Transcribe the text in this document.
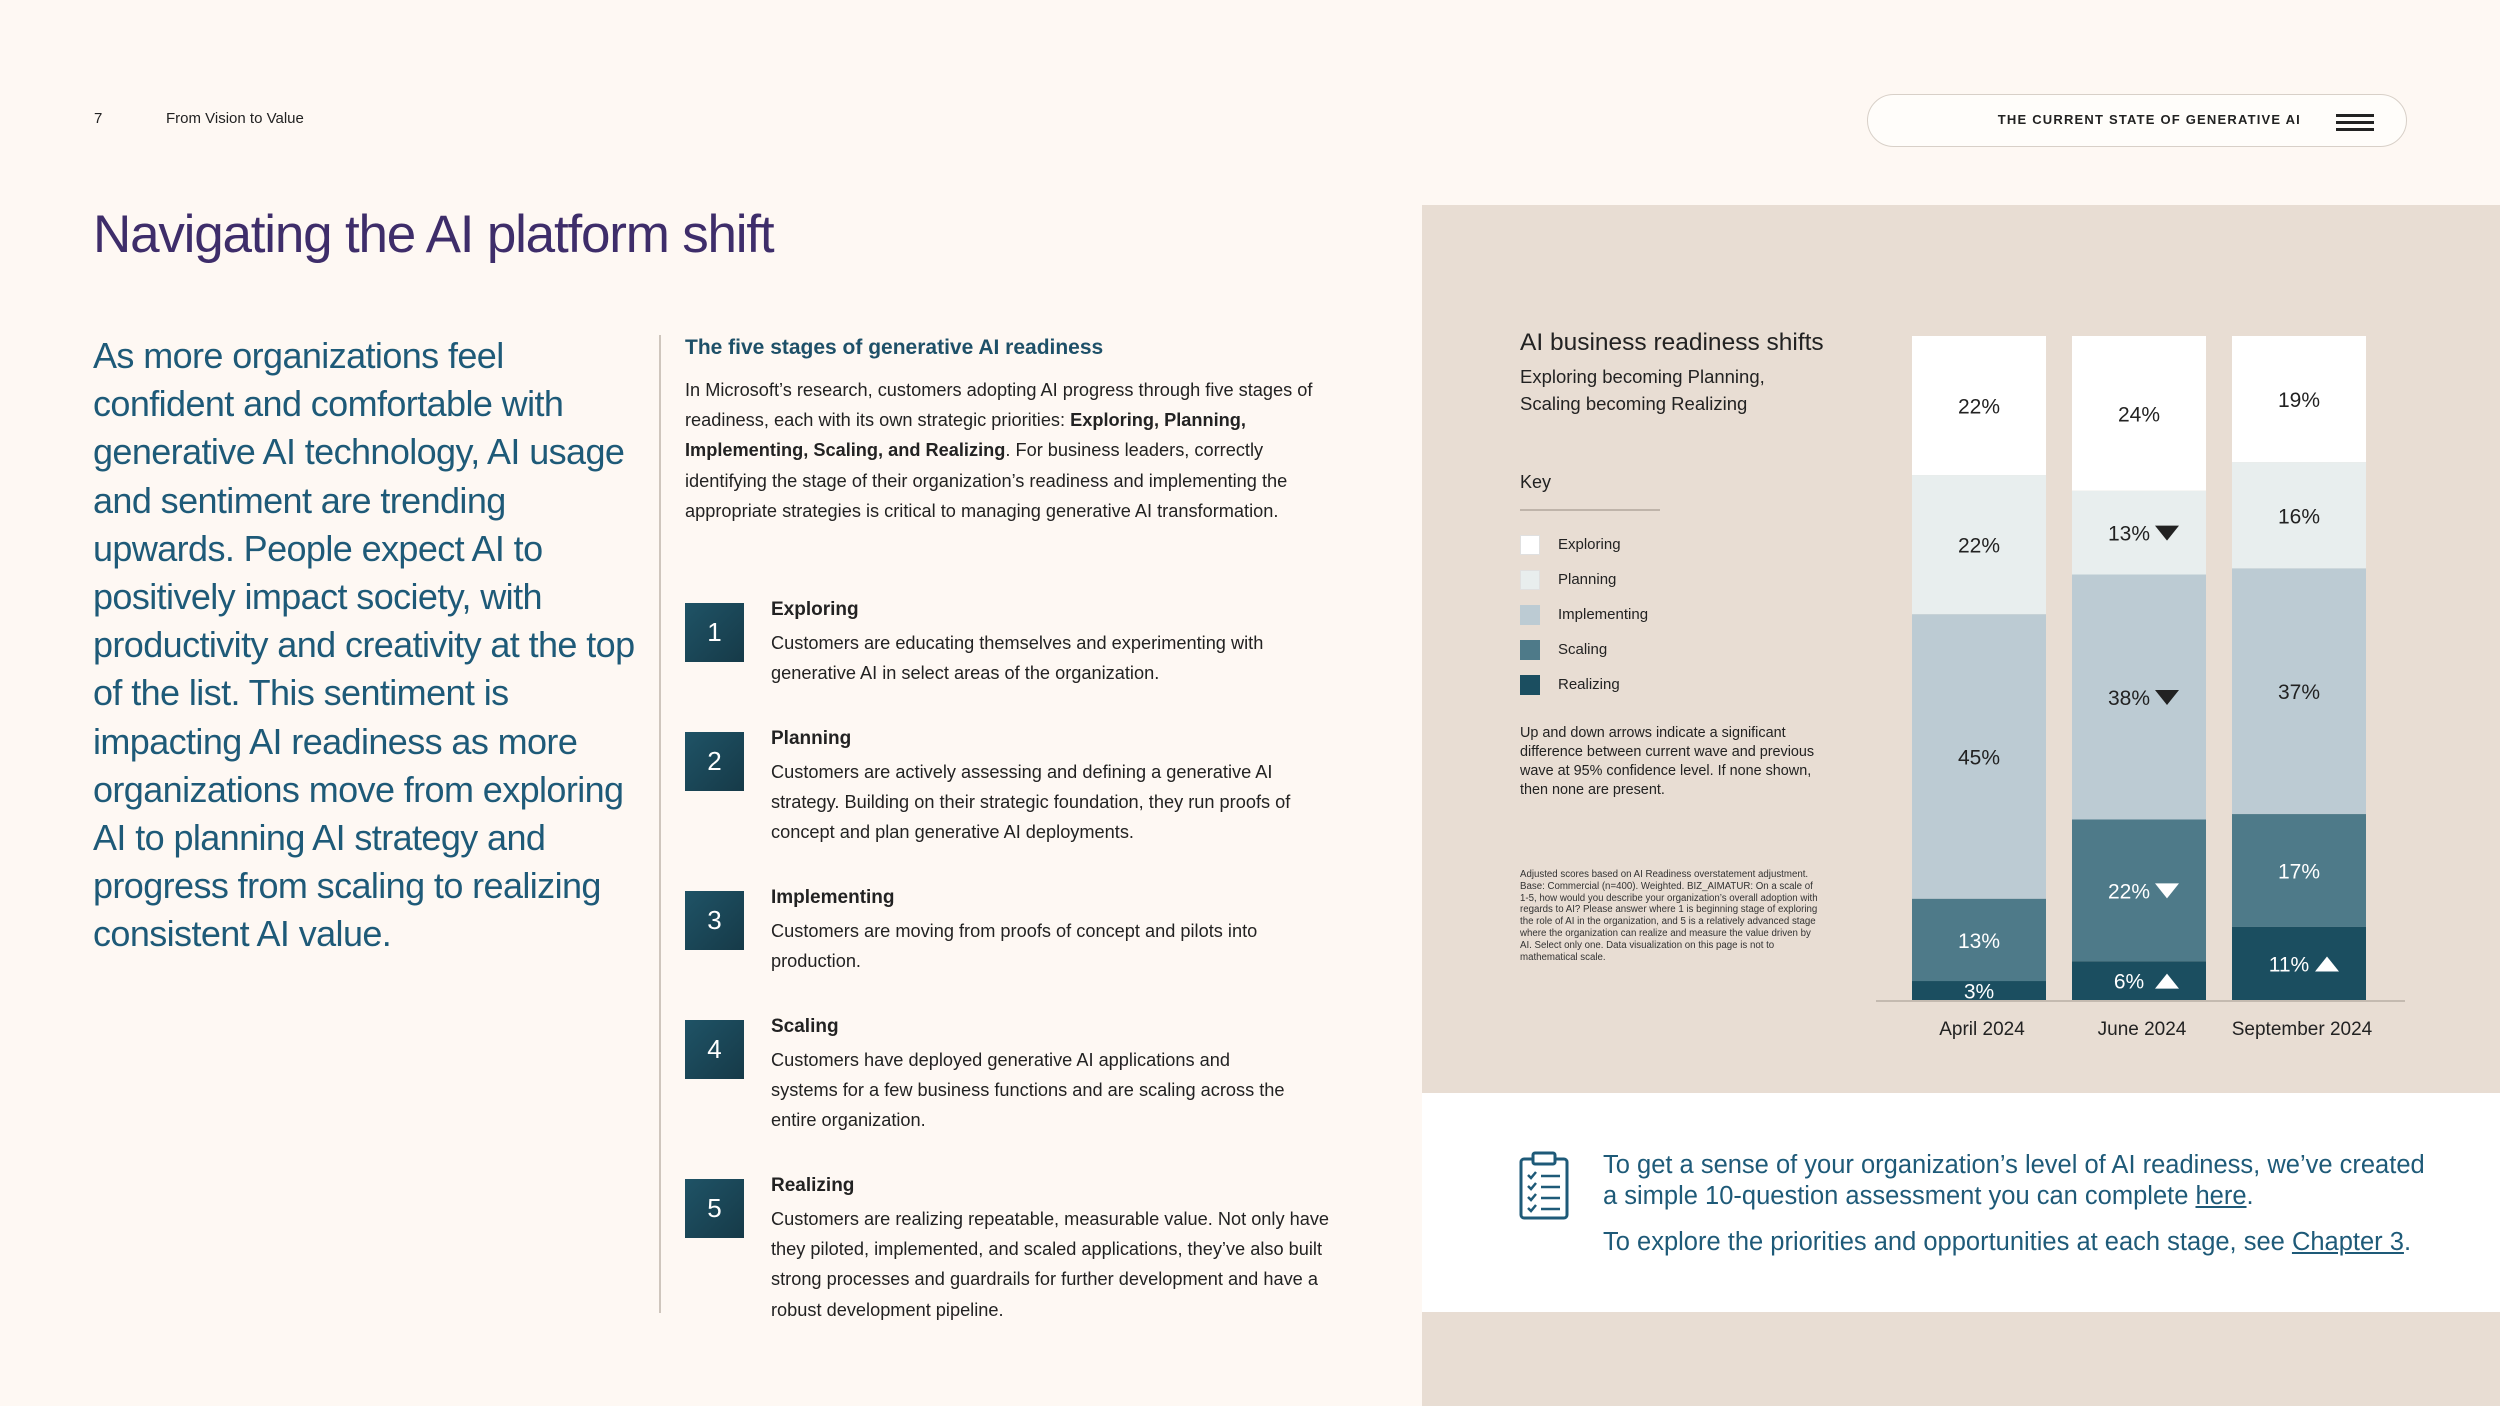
7	From Vision to Value	THE CURRENT STATE OF GENERATIVE AI
Navigating the AI platform shift

As more organizations feel confident and comfortable with generative AI technology, AI usage and sentiment are trending upwards. People expect AI to positively impact society, with productivity and creativity at the top of the list. This sentiment is impacting AI readiness as more organizations move from exploring AI to planning AI strategy and progress from scaling to realizing consistent AI value.

The five stages of generative AI readiness

In Microsoft’s research, customers adopting AI progress through five stages of readiness, each with its own strategic priorities: Exploring, Planning, Implementing, Scaling, and Realizing. For business leaders, correctly identifying the stage of their organization’s readiness and implementing the appropriate strategies is critical to managing generative AI transformation.

1
Exploring
Customers are educating themselves and experimenting with generative AI in select areas of the organization.
2
Planning
Customers are actively assessing and defining a generative AI strategy. Building on their strategic foundation, they run proofs of concept and plan generative AI deployments.
3
Implementing
Customers are moving from proofs of concept and pilots into production.
4
Scaling
Customers have deployed generative AI applications and systems for a few business functions and are scaling across the entire organization.
5
Realizing
Customers are realizing repeatable, measurable value. Not only have they piloted, implemented, and scaled applications, they’ve also built strong processes and guardrails for further development and have a robust development pipeline.
AI business readiness shifts
Exploring becoming Planning, Scaling becoming Realizing
Key
Exploring
Planning
Implementing
Scaling
Realizing
Up and down arrows indicate a significant difference between current wave and previous wave at 95% confidence level. If none shown, then none are present.
Adjusted scores based on AI Readiness overstatement adjustment. Base: Commercial (n=400). Weighted. BIZ_AIMATUR: On a scale of 1-5, how would you describe your organization’s overall adoption with regards to AI? Please answer where 1 is beginning stage of exploring the role of AI in the organization, and 5 is a relatively advanced stage where the organization can realize and measure the value driven by AI. Select only one. Data visualization on this page is not to mathematical scale.
22%
22%
45%
13%
3%
April 2024
24%
13%
38%
22%
6%
June 2024
19%
16%
37%
17%
11%
September 2024

To get a sense of your organization’s level of AI readiness, we’ve created a simple 10-question assessment you can complete here.

To explore the priorities and opportunities at each stage, see Chapter 3.
